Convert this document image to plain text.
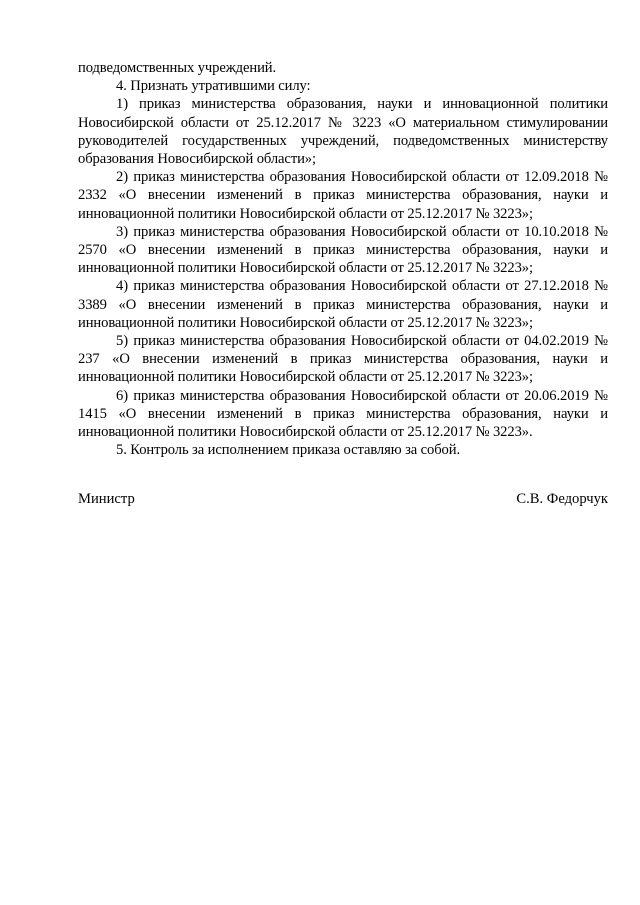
подведомственных учреждений.

4. Признать утратившими силу:

1) приказ министерства образования, науки и инновационной политики Новосибирской области от 25.12.2017 № 3223 «О материальном стимулировании руководителей государственных учреждений, подведомственных министерству образования Новосибирской области»;

2) приказ министерства образования Новосибирской области от 12.09.2018 № 2332 «О внесении изменений в приказ министерства образования, науки и инновационной политики Новосибирской области от 25.12.2017 № 3223»;

3) приказ министерства образования Новосибирской области от 10.10.2018 № 2570 «О внесении изменений в приказ министерства образования, науки и инновационной политики Новосибирской области от 25.12.2017 № 3223»;

4) приказ министерства образования Новосибирской области от 27.12.2018 № 3389 «О внесении изменений в приказ министерства образования, науки и инновационной политики Новосибирской области от 25.12.2017 № 3223»;

5) приказ министерства образования Новосибирской области от 04.02.2019 № 237 «О внесении изменений в приказ министерства образования, науки и инновационной политики Новосибирской области от 25.12.2017 № 3223»;

6) приказ министерства образования Новосибирской области от 20.06.2019 № 1415 «О внесении изменений в приказ министерства образования, науки и инновационной политики Новосибирской области от 25.12.2017 № 3223».

5. Контроль за исполнением приказа оставляю за собой.

Министр	С.В. Федорчук
